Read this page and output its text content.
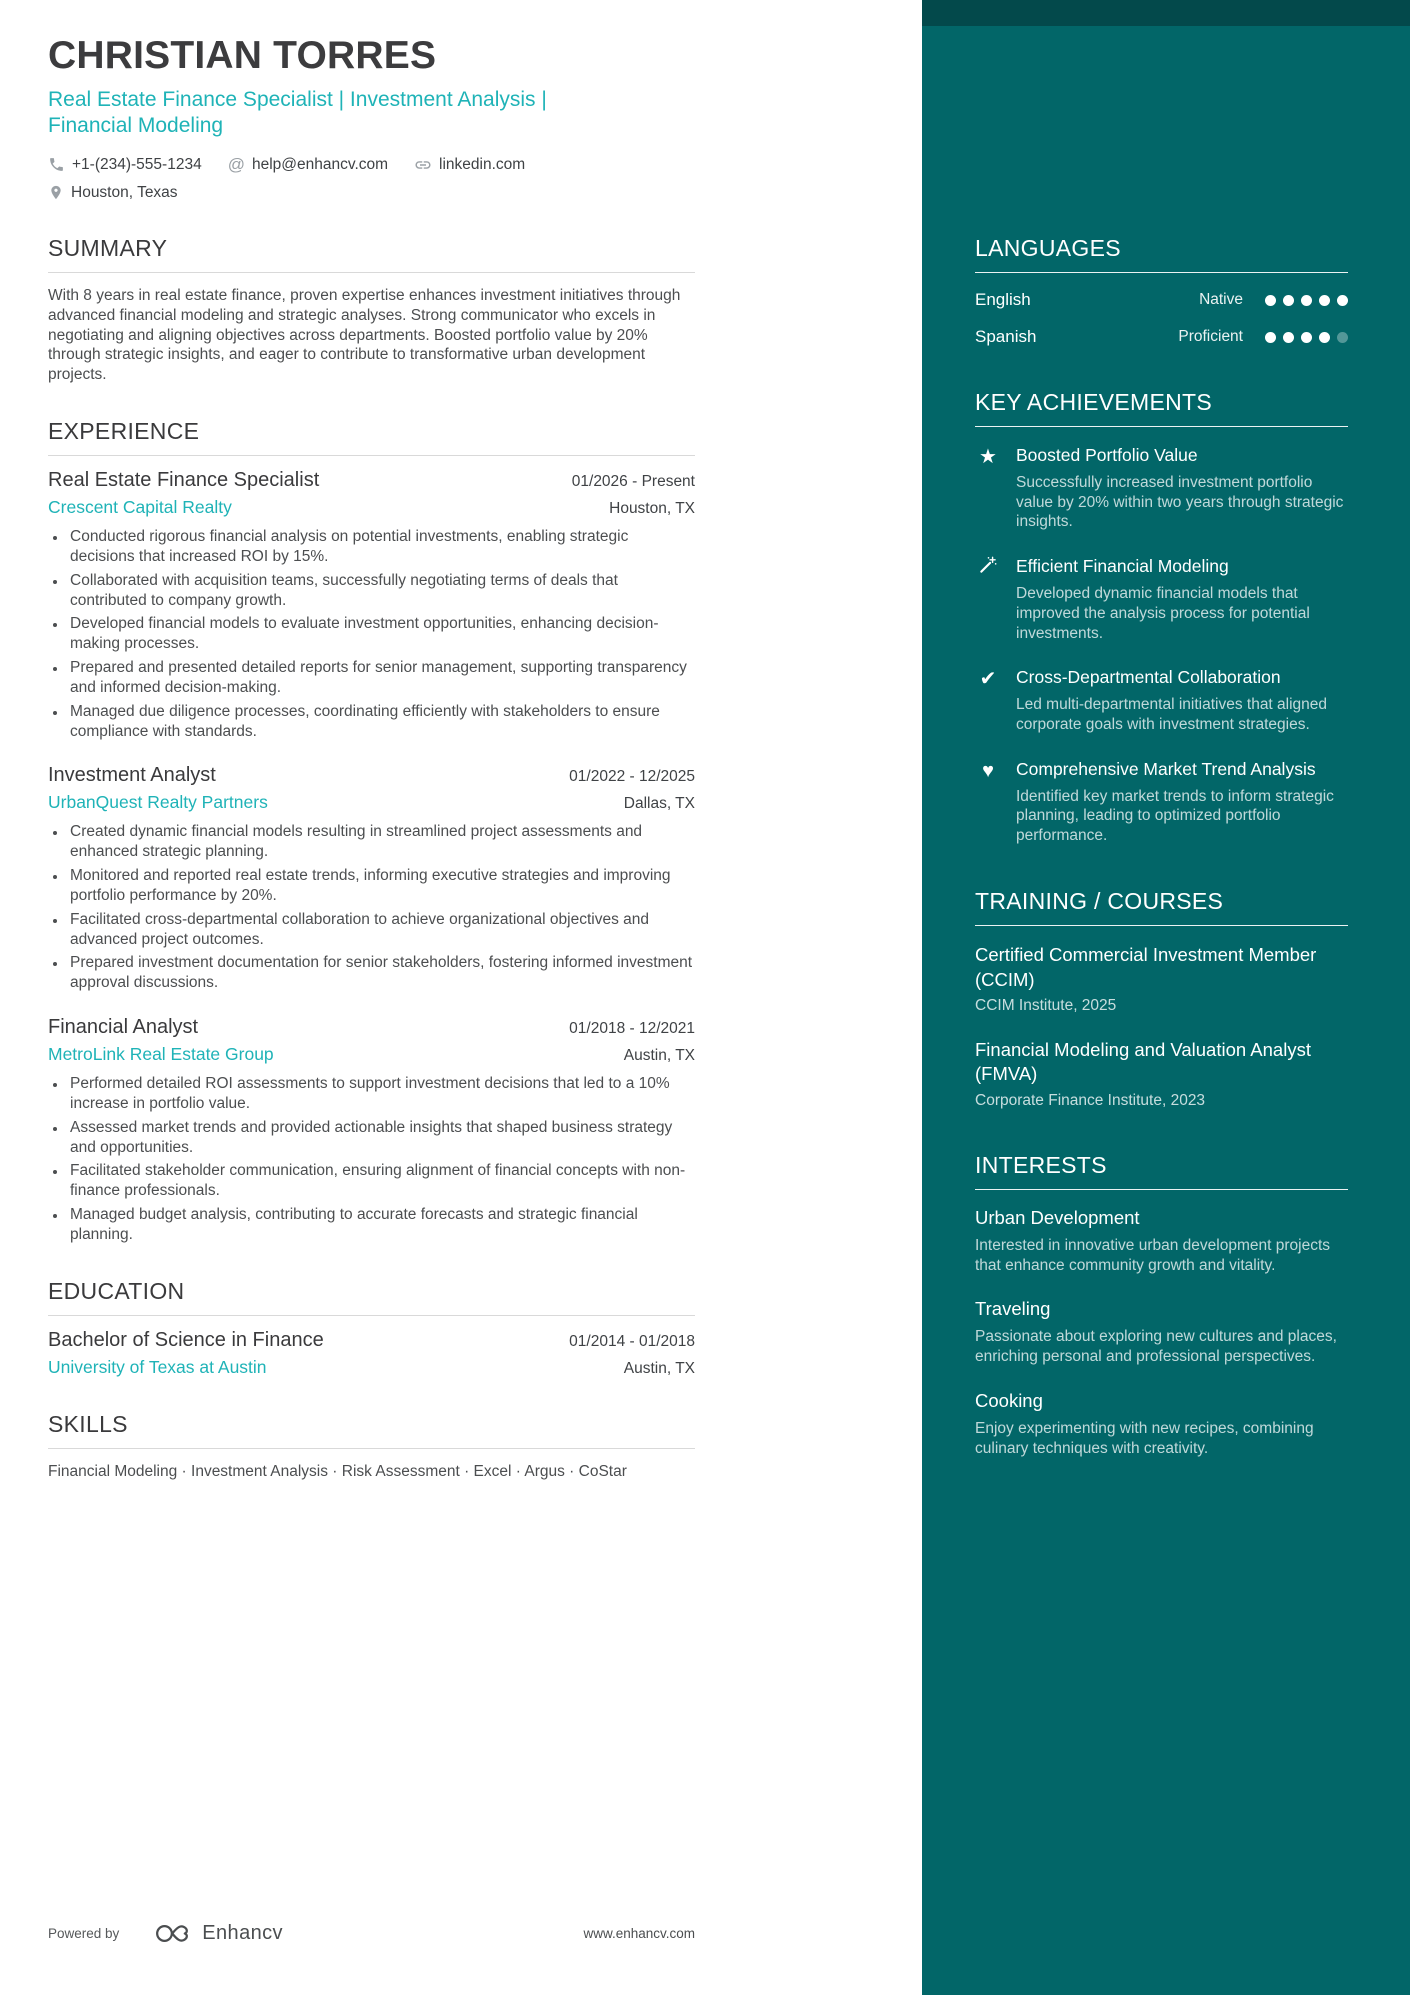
CHRISTIAN TORRES
Real Estate Finance Specialist | Investment Analysis |
Financial Modeling
+1-(234)-555-1234 @ help@enhancv.com	linkedin.com
Houston, Texas
SUMMARY

With 8 years in real estate finance, proven expertise enhances investment initiatives through advanced financial modeling and strategic analyses. Strong communicator who excels in negotiating and aligning objectives across departments. Boosted portfolio value by 20% through strategic insights, and eager to contribute to transformative urban development projects.

EXPERIENCE
Real Estate Finance Specialist	01/2026 - Present
Crescent Capital Realty	Houston, TX
• Conducted rigorous financial analysis on potential investments, enabling strategic decisions that increased ROI by 15%.
• Collaborated with acquisition teams, successfully negotiating terms of deals that contributed to company growth.
• Developed financial models to evaluate investment opportunities, enhancing decision-making processes.
• Prepared and presented detailed reports for senior management, supporting transparency and informed decision-making.
• Managed due diligence processes, coordinating efficiently with stakeholders to ensure compliance with standards.
Investment Analyst	01/2022 - 12/2025
UrbanQuest Realty Partners	Dallas, TX
• Created dynamic financial models resulting in streamlined project assessments and enhanced strategic planning.
• Monitored and reported real estate trends, informing executive strategies and improving portfolio performance by 20%.
• Facilitated cross-departmental collaboration to achieve organizational objectives and advanced project outcomes.
• Prepared investment documentation for senior stakeholders, fostering informed investment approval discussions.
Financial Analyst	01/2018 - 12/2021
MetroLink Real Estate Group	Austin, TX
• Performed detailed ROI assessments to support investment decisions that led to a 10% increase in portfolio value.
• Assessed market trends and provided actionable insights that shaped business strategy and opportunities.
• Facilitated stakeholder communication, ensuring alignment of financial concepts with non-finance professionals.
• Managed budget analysis, contributing to accurate forecasts and strategic financial planning.
EDUCATION
Bachelor of Science in Finance	01/2014 - 01/2018
University of Texas at Austin	Austin, TX
SKILLS

Financial Modeling · Investment Analysis · Risk Assessment · Excel · Argus · CoStar

Powered by	Enhancv	www.enhancv.com
LANGUAGES
English	Native
Spanish	Proficient
KEY ACHIEVEMENTS
★ Boosted Portfolio Value
Successfully increased investment portfolio value by 20% within two years through strategic insights.
Efficient Financial Modeling
Developed dynamic financial models that improved the analysis process for potential investments.
✔ Cross-Departmental Collaboration
Led multi-departmental initiatives that aligned corporate goals with investment strategies.
♥	Comprehensive Market Trend Analysis
Identified key market trends to inform strategic planning, leading to optimized portfolio performance.
TRAINING / COURSES
Certified Commercial Investment Member (CCIM)
CCIM Institute, 2025
Financial Modeling and Valuation Analyst (FMVA)
Corporate Finance Institute, 2023
INTERESTS
Urban Development
Interested in innovative urban development projects that enhance community growth and vitality.
Traveling
Passionate about exploring new cultures and places, enriching personal and professional perspectives.
Cooking
Enjoy experimenting with new recipes, combining culinary techniques with creativity.
